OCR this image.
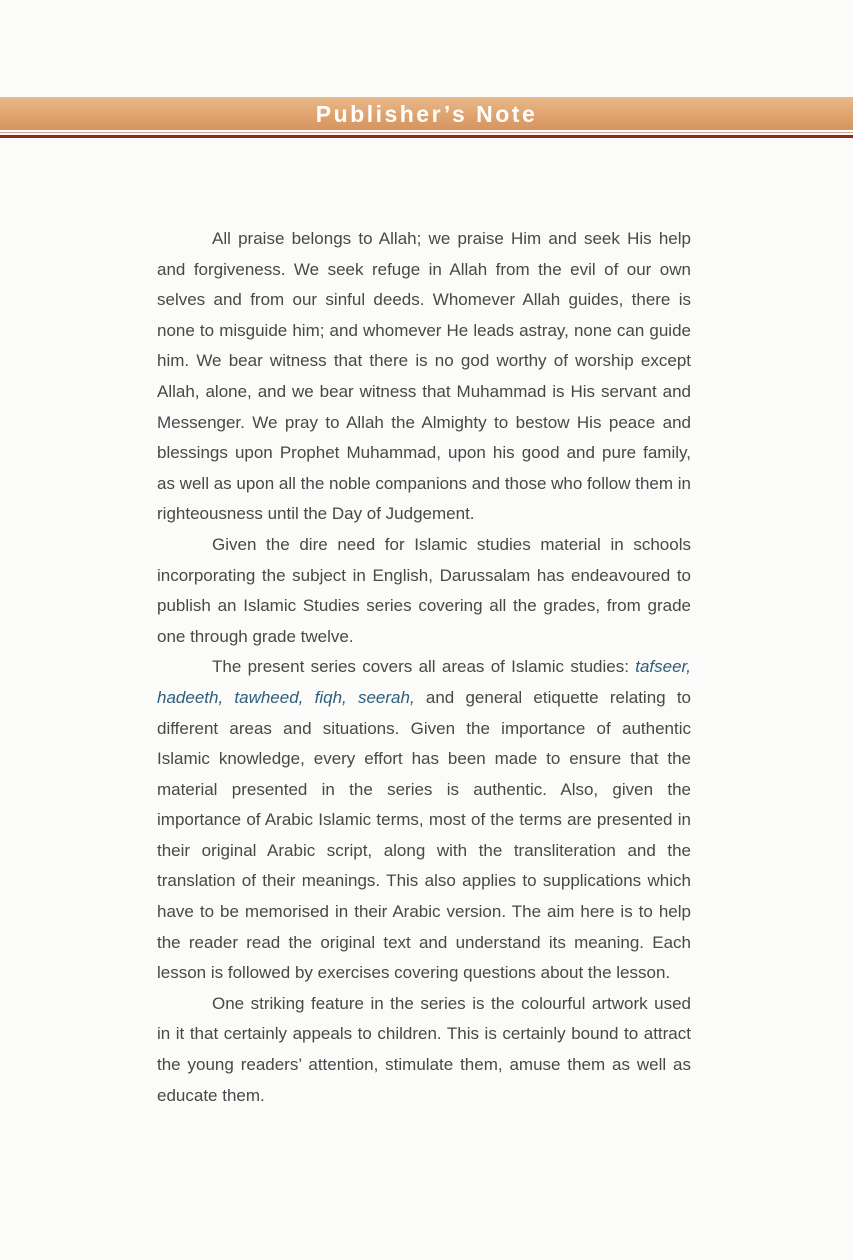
Publisher’s Note

All praise belongs to Allah; we praise Him and seek His help and forgiveness. We seek refuge in Allah from the evil of our own selves and from our sinful deeds. Whomever Allah guides, there is none to misguide him; and whomever He leads astray, none can guide him. We bear witness that there is no god worthy of worship except Allah, alone, and we bear witness that Muhammad is His servant and Messenger. We pray to Allah the Almighty to bestow His peace and blessings upon Prophet Muhammad, upon his good and pure family, as well as upon all the noble companions and those who follow them in righteousness until the Day of Judgement.

Given the dire need for Islamic studies material in schools incorporating the subject in English, Darussalam has endeavoured to publish an Islamic Studies series covering all the grades, from grade one through grade twelve.

The present series covers all areas of Islamic studies: tafseer, hadeeth, tawheed, fiqh, seerah, and general etiquette relating to different areas and situations. Given the importance of authentic Islamic knowledge, every effort has been made to ensure that the material presented in the series is authentic. Also, given the importance of Arabic Islamic terms, most of the terms are presented in their original Arabic script, along with the transliteration and the translation of their meanings. This also applies to supplications which have to be memorised in their Arabic version. The aim here is to help the reader read the original text and understand its meaning. Each lesson is followed by exercises covering questions about the lesson.

One striking feature in the series is the colourful artwork used in it that certainly appeals to children. This is certainly bound to attract the young readers’ attention, stimulate them, amuse them as well as educate them.
